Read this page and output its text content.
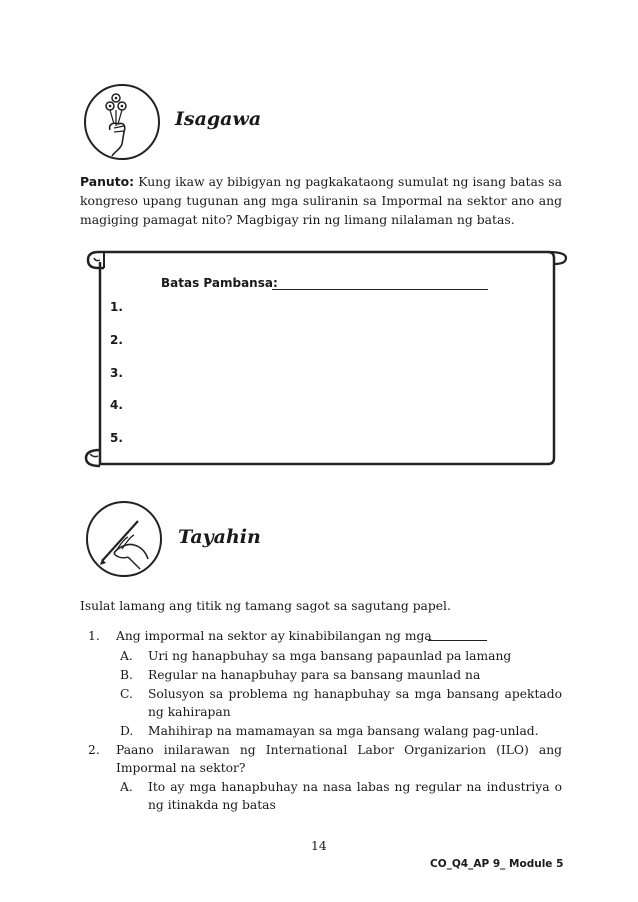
Isagawa
Panuto: Kung ikaw ay bibigyan ng pagkakataong sumulat ng isang batas sa kongreso upang tugunan ang mga suliranin sa Impormal na sektor ano ang magiging pamagat nito? Magbigay rin ng limang nilalaman ng batas.
Batas Pambansa:
1.
2.
3.
4.
5.
Tayahin
Isulat lamang ang titik ng tamang sagot sa sagutang papel.
1. Ang impormal na sektor ay kinabibilangan ng mga
A. Uri ng hanapbuhay sa mga bansang papaunlad pa lamang
B. Regular na hanapbuhay para sa bansang maunlad na
C. Solusyon sa problema ng hanapbuhay sa mga bansang apektado ng kahirapan
D. Mahihirap na mamamayan sa mga bansang walang pag-unlad.
2. Paano inilarawan ng International Labor Organizarion (ILO) ang Impormal na sektor?
A. Ito ay mga hanapbuhay na nasa labas ng regular na industriya o ng itinakda ng batas
14
CO_Q4_AP 9_ Module 5
